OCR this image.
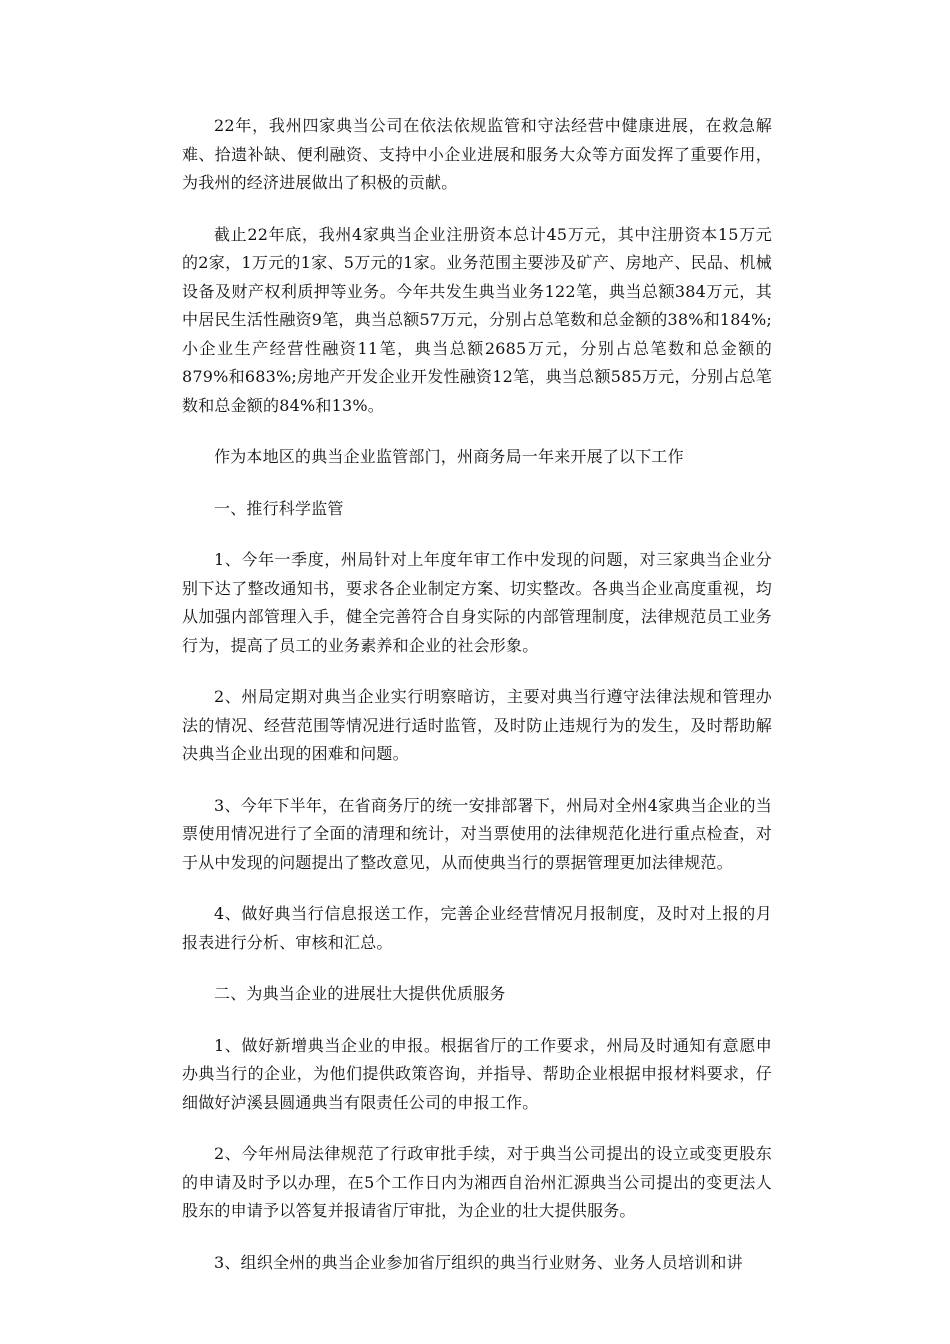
22年，我州四家典当公司在依法依规监管和守法经营中健康进展，在救急解难、拾遗补缺、便利融资、支持中小企业进展和服务大众等方面发挥了重要作用，为我州的经济进展做出了积极的贡献。

截止22年底，我州4家典当企业注册资本总计45万元，其中注册资本15万元的2家，1万元的1家、5万元的1家。业务范围主要涉及矿产、房地产、民品、机械设备及财产权利质押等业务。今年共发生典当业务122笔，典当总额384万元，其中居民生活性融资9笔，典当总额57万元，分别占总笔数和总金额的38%和184%;小企业生产经营性融资11笔，典当总额2685万元，分别占总笔数和总金额的879%和683%;房地产开发企业开发性融资12笔，典当总额585万元，分别占总笔数和总金额的84%和13%。

作为本地区的典当企业监管部门，州商务局一年来开展了以下工作

一、推行科学监管

1、今年一季度，州局针对上年度年审工作中发现的问题，对三家典当企业分别下达了整改通知书，要求各企业制定方案、切实整改。各典当企业高度重视，均从加强内部管理入手，健全完善符合自身实际的内部管理制度，法律规范员工业务行为，提高了员工的业务素养和企业的社会形象。

2、州局定期对典当企业实行明察暗访，主要对典当行遵守法律法规和管理办法的情况、经营范围等情况进行适时监管，及时防止违规行为的发生，及时帮助解决典当企业出现的困难和问题。

3、今年下半年，在省商务厅的统一安排部署下，州局对全州4家典当企业的当票使用情况进行了全面的清理和统计，对当票使用的法律规范化进行重点检查，对于从中发现的问题提出了整改意见，从而使典当行的票据管理更加法律规范。

4、做好典当行信息报送工作，完善企业经营情况月报制度，及时对上报的月报表进行分析、审核和汇总。

二、为典当企业的进展壮大提供优质服务

1、做好新增典当企业的申报。根据省厅的工作要求，州局及时通知有意愿申办典当行的企业，为他们提供政策咨询，并指导、帮助企业根据申报材料要求，仔细做好泸溪县圆通典当有限责任公司的申报工作。

2、今年州局法律规范了行政审批手续，对于典当公司提出的设立或变更股东的申请及时予以办理，在5个工作日内为湘西自治州汇源典当公司提出的变更法人股东的申请予以答复并报请省厅审批，为企业的壮大提供服务。

3、组织全州的典当企业参加省厅组织的典当行业财务、业务人员培训和讲
